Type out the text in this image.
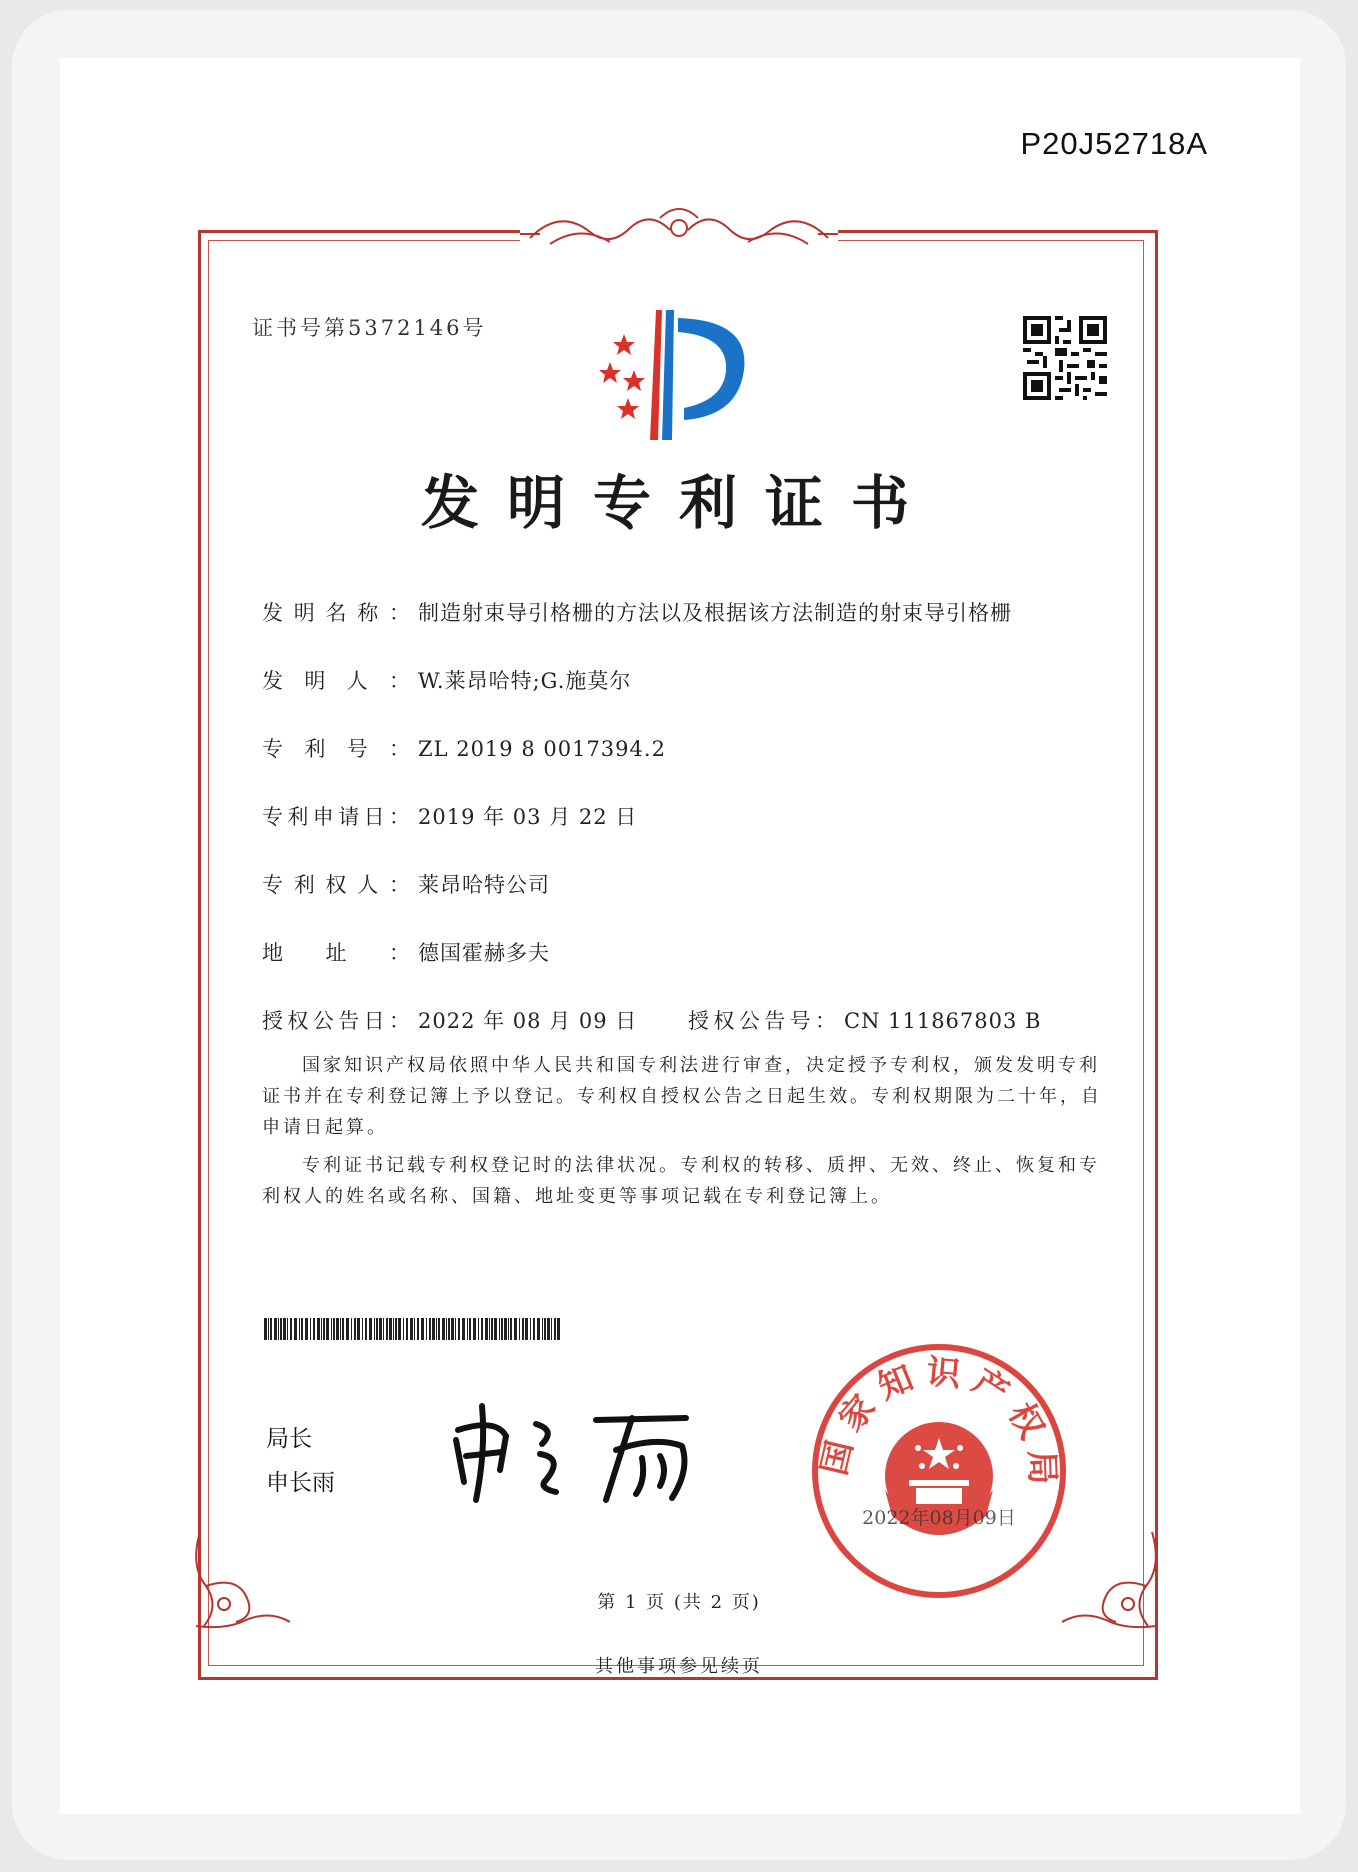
P20J52718A
证书号第5372146号
发明专利证书
发明名称： 制造射束导引格栅的方法以及根据该方法制造的射束导引格栅
发明人： W.莱昂哈特;G.施莫尔
专利号： ZL 2019 8 0017394.2
专利申请日： 2019 年 03 月 22 日
专利权人： 莱昂哈特公司
地址： 德国霍赫多夫
授权公告日： 2022 年 08 月 09 日 授权公告号： CN 111867803 B
国家知识产权局依照中华人民共和国专利法进行审查，决定授予专利权，颁发发明专利证书并在专利登记簿上予以登记。专利权自授权公告之日起生效。专利权期限为二十年，自申请日起算。
专利证书记载专利权登记时的法律状况。专利权的转移、质押、无效、终止、恢复和专利权人的姓名或名称、国籍、地址变更等事项记载在专利登记簿上。
局长
申长雨
国家知识产权局
2022年08月09日
第 1 页 (共 2 页)
其他事项参见续页
